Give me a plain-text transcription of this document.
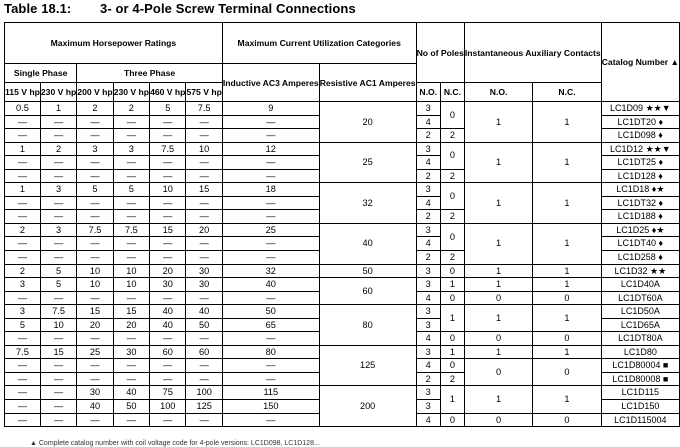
Table 18.1: 3- or 4-Pole Screw Terminal Connections
Maximum Horsepower Ratings						Maximum Current Utilization Categories		No of Poles		Instantaneous Auxiliary Contacts		Catalog Number ▲
Single Phase		Three Phase				Inductive AC3 Amperes	Resistive AC1 Amperes					
115 V hp	230 V hp	200 V hp	230 V hp	460 V hp	575 V hp			N.O.	N.C.	N.O.	N.C.	
0.5	1	2	2	5	7.5	9	20	3	0	1	1	LC1D09 ★★▼
—	—	—	—	—	—	—		4				LC1DT20 ♦
—	—	—	—	—	—	—		2	2			LC1D098 ♦
1	2	3	3	7.5	10	12	25	3	0	1	1	LC1D12 ★★▼
—	—	—	—	—	—	—		4				LC1DT25 ♦
—	—	—	—	—	—	—		2	2			LC1D128 ♦
1	3	5	5	10	15	18	32	3	0	1	1	LC1D18 ♦★
—	—	—	—	—	—	—		4				LC1DT32 ♦
—	—	—	—	—	—	—		2	2			LC1D188 ♦
2	3	7.5	7.5	15	20	25	40	3	0	1	1	LC1D25 ♦★
—	—	—	—	—	—	—		4				LC1DT40 ♦
—	—	—	—	—	—	—		2	2			LC1D258 ♦
2	5	10	10	20	30	32	50	3	0	1	1	LC1D32 ★★
3	5	10	10	30	30	40	60	3	1	1	1	LC1D40A
—	—	—	—	—	—	—		4	0	0	0	LC1DT60A
3	7.5	15	15	40	40	50	80	3	1	1	1	LC1D50A
5	10	20	20	40	50	65		3				LC1D65A
—	—	—	—	—	—	—		4	0	0	0	LC1DT80A
7.5	15	25	30	60	60	80	125	3	1	1	1	LC1D80
—	—	—	—	—	—	—		4	0	0	0	LC1D80004 ■
—	—	—	—	—	—	—		2	2			LC1D80008 ■
—	—	30	40	75	100	115	200	3	1	1	1	LC1D115
—	—	40	50	100	125	150		3				LC1D150
—	—	—	—	—	—	—		4	0	0	0	LC1D115004
▲ Complete catalog number with coil voltage code for 4-pole versions: LC1D098, LC1D128...
